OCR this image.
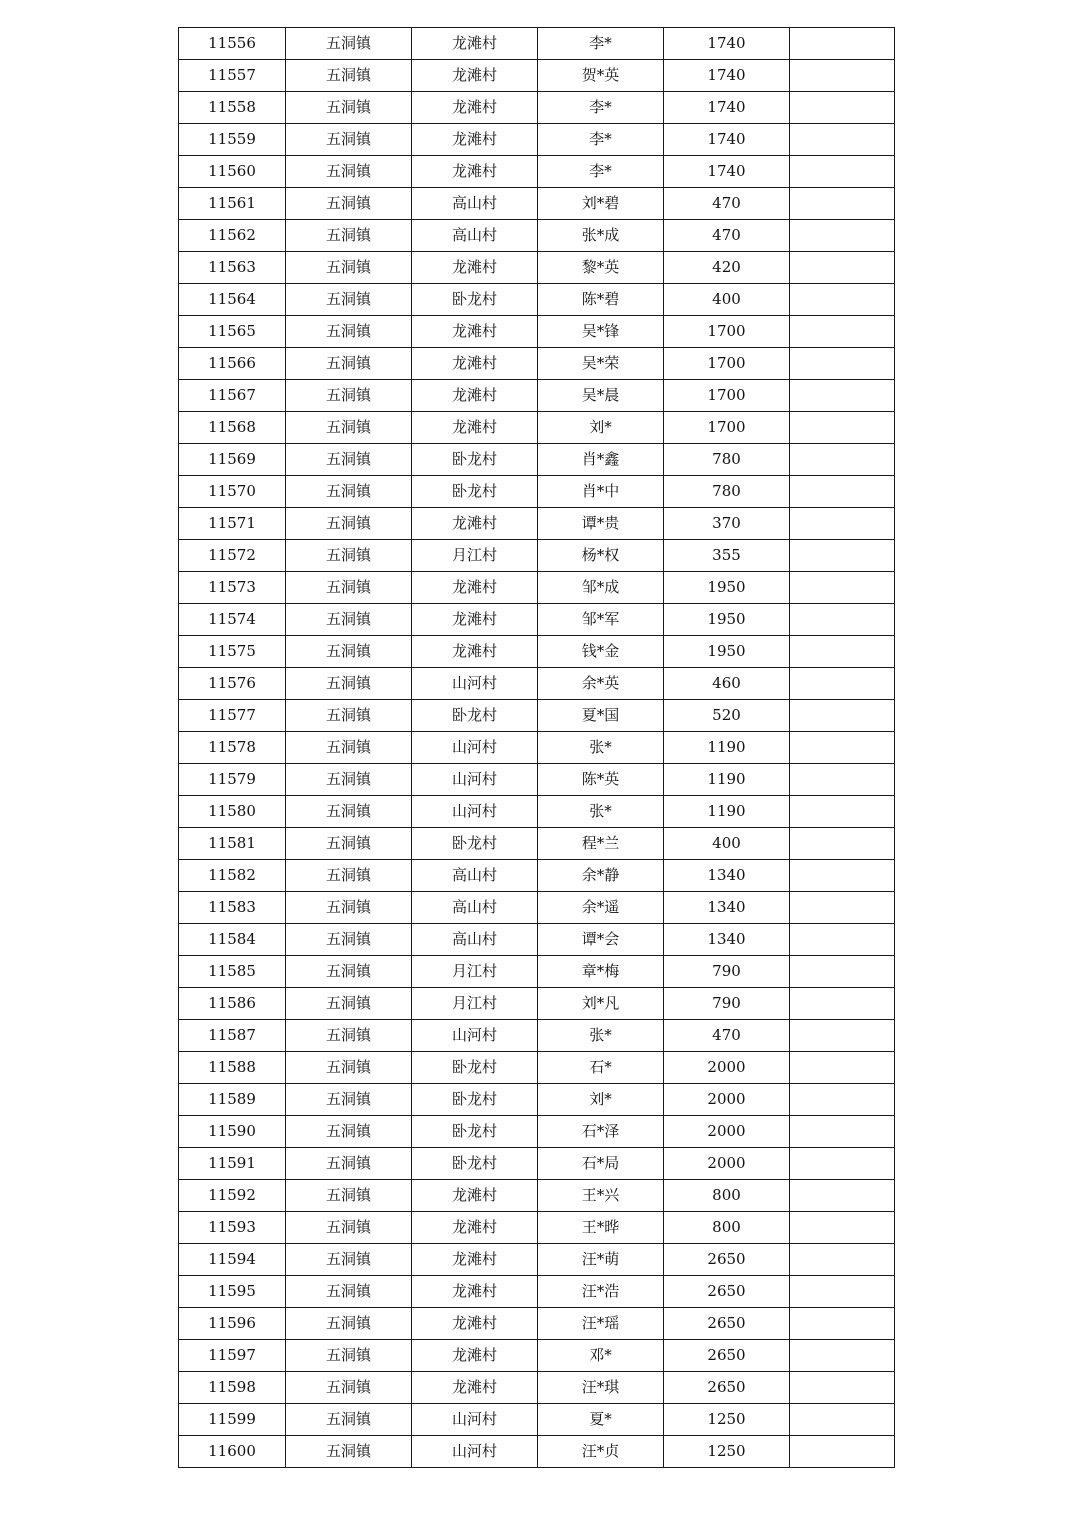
11556	五洞镇	龙滩村	李*	1740	
11557	五洞镇	龙滩村	贺*英	1740	
11558	五洞镇	龙滩村	李*	1740	
11559	五洞镇	龙滩村	李*	1740	
11560	五洞镇	龙滩村	李*	1740	
11561	五洞镇	高山村	刘*碧	470	
11562	五洞镇	高山村	张*成	470	
11563	五洞镇	龙滩村	黎*英	420	
11564	五洞镇	卧龙村	陈*碧	400	
11565	五洞镇	龙滩村	吴*锋	1700	
11566	五洞镇	龙滩村	吴*荣	1700	
11567	五洞镇	龙滩村	吴*晨	1700	
11568	五洞镇	龙滩村	刘*	1700	
11569	五洞镇	卧龙村	肖*鑫	780	
11570	五洞镇	卧龙村	肖*中	780	
11571	五洞镇	龙滩村	谭*贵	370	
11572	五洞镇	月江村	杨*权	355	
11573	五洞镇	龙滩村	邹*成	1950	
11574	五洞镇	龙滩村	邹*军	1950	
11575	五洞镇	龙滩村	钱*金	1950	
11576	五洞镇	山河村	余*英	460	
11577	五洞镇	卧龙村	夏*国	520	
11578	五洞镇	山河村	张*	1190	
11579	五洞镇	山河村	陈*英	1190	
11580	五洞镇	山河村	张*	1190	
11581	五洞镇	卧龙村	程*兰	400	
11582	五洞镇	高山村	余*静	1340	
11583	五洞镇	高山村	余*遥	1340	
11584	五洞镇	高山村	谭*会	1340	
11585	五洞镇	月江村	章*梅	790	
11586	五洞镇	月江村	刘*凡	790	
11587	五洞镇	山河村	张*	470	
11588	五洞镇	卧龙村	石*	2000	
11589	五洞镇	卧龙村	刘*	2000	
11590	五洞镇	卧龙村	石*泽	2000	
11591	五洞镇	卧龙村	石*局	2000	
11592	五洞镇	龙滩村	王*兴	800	
11593	五洞镇	龙滩村	王*晔	800	
11594	五洞镇	龙滩村	汪*萌	2650	
11595	五洞镇	龙滩村	汪*浩	2650	
11596	五洞镇	龙滩村	汪*瑶	2650	
11597	五洞镇	龙滩村	邓*	2650	
11598	五洞镇	龙滩村	汪*琪	2650	
11599	五洞镇	山河村	夏*	1250	
11600	五洞镇	山河村	汪*贞	1250	
